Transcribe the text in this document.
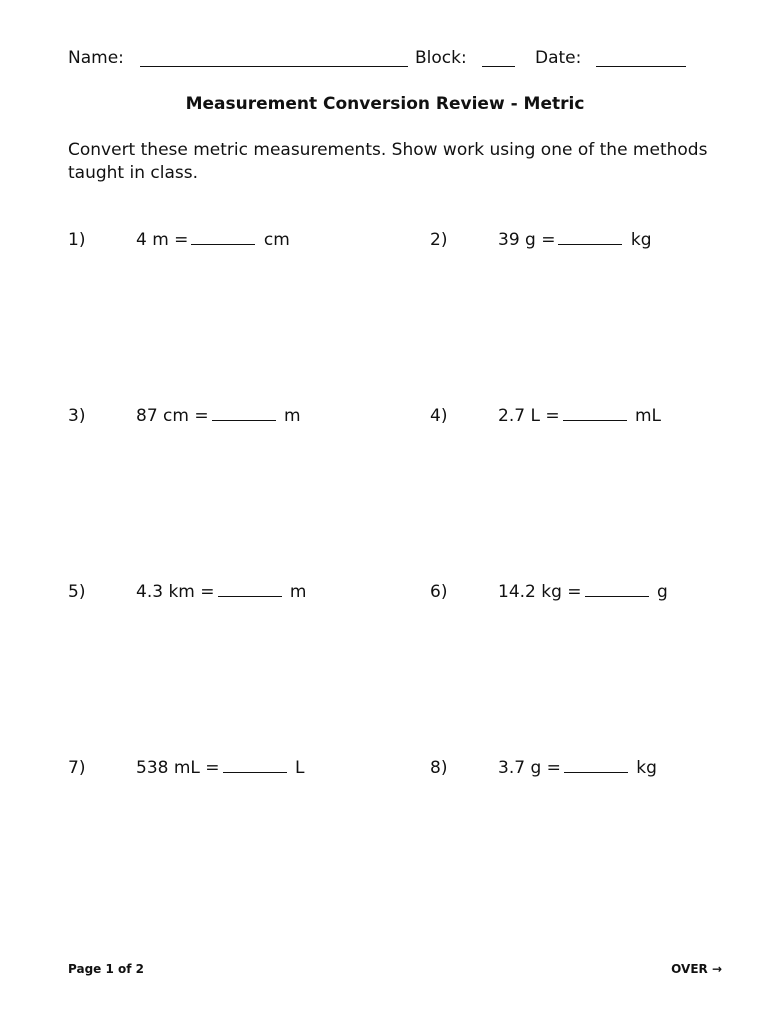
Name:	Block:	Date:
Measurement Conversion Review - Metric
Convert these metric measurements. Show work using one of the methods taught in class.
1)	4 m =	cm	2)	39 g =	kg
3)	87 cm =	m	4)	2.7 L =	mL
5)	4.3 km =	m	6)	14.2 kg =	g
7)	538 mL =	L	8)	3.7 g =	kg
Page 1 of 2	OVER →
